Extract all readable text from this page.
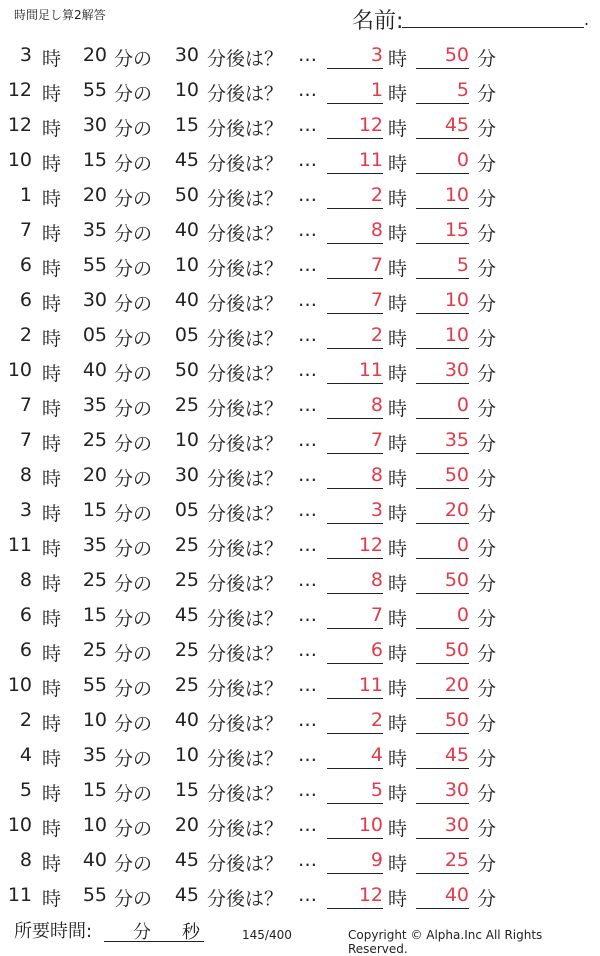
時間足し算2解答	名前:	.
3 時	20 分の	30 分後は？ …	3 時	50 分
12 時	55 分の	10 分後は？ …	1 時	5 分
12 時	30 分の	15 分後は？ …	12 時	45 分
10 時	15 分の	45 分後は？ …	11 時	0 分
1 時	20 分の	50 分後は？ …	2 時	10 分
7 時	35 分の	40 分後は？ …	8 時	15 分
6 時	55 分の	10 分後は？ …	7 時	5 分
6 時	30 分の	40 分後は？ …	7 時	10 分
2 時	05 分の	05 分後は？ …	2 時	10 分
10 時	40 分の	50 分後は？ …	11 時	30 分
7 時	35 分の	25 分後は？ …	8 時	0 分
7 時	25 分の	10 分後は？ …	7 時	35 分
8 時	20 分の	30 分後は？ …	8 時	50 分
3 時	15 分の	05 分後は？ …	3 時	20 分
11 時	35 分の	25 分後は？ …	12 時	0 分
8 時	25 分の	25 分後は？ …	8 時	50 分
6 時	15 分の	45 分後は？ …	7 時	0 分
6 時	25 分の	25 分後は？ …	6 時	50 分
10 時	55 分の	25 分後は？ …	11 時	20 分
2 時	10 分の	40 分後は？ …	2 時	50 分
4 時	35 分の	10 分後は？ …	4 時	45 分
5 時	15 分の	15 分後は？ …	5 時	30 分
10 時	10 分の	20 分後は？ …	10 時	30 分
8 時	40 分の	45 分後は？ …	9 時	25 分
11 時	55 分の	45 分後は？ …	12 時	40 分
所要時間: 分 秒	145/400	Copyright © Alpha.Inc All Rights Reserved.
